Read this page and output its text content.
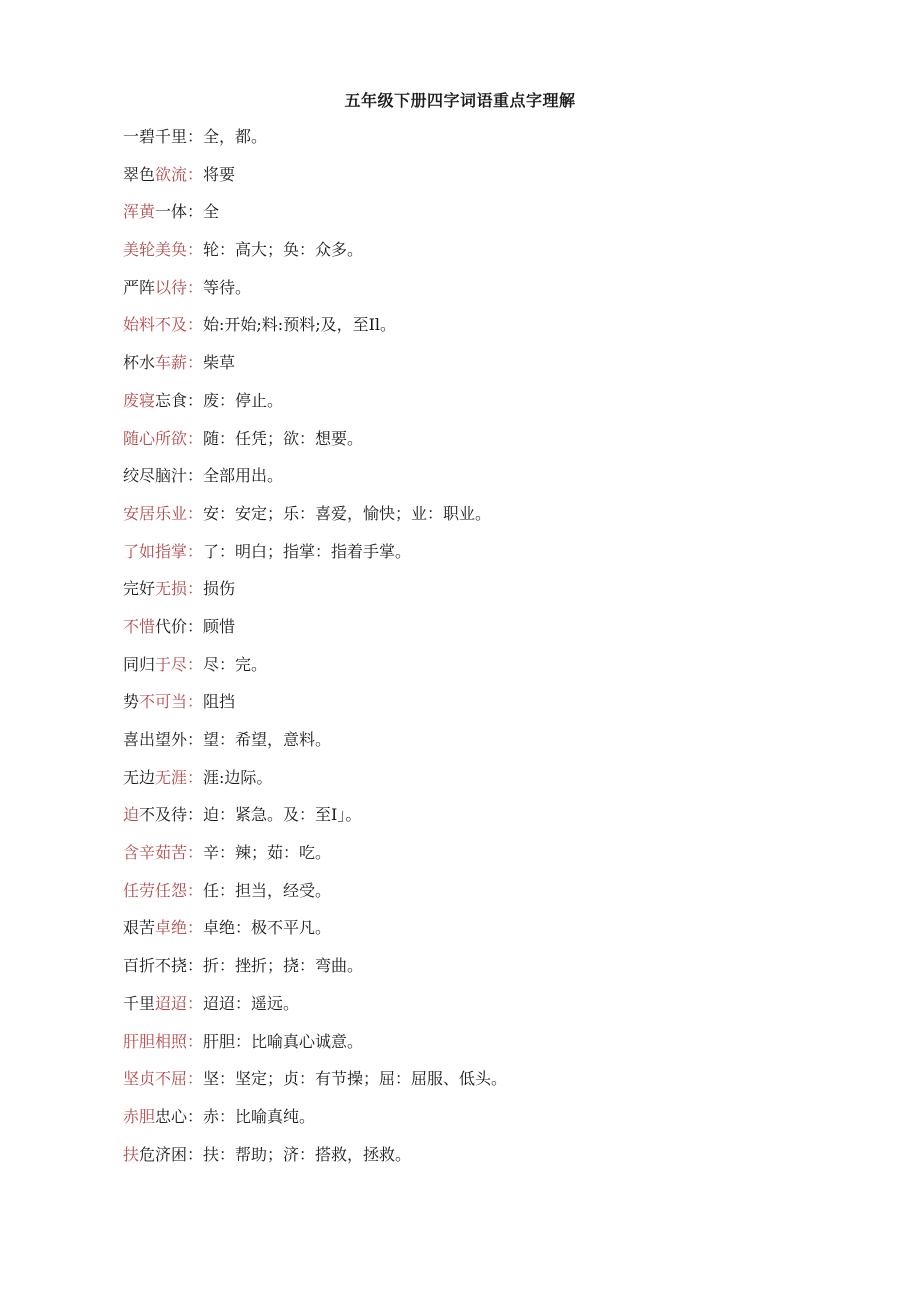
五年级下册四字词语重点字理解
一碧千里：全，都。
翠色欲流：将要
浑黄一体：全
美轮美奂：轮：高大；奂：众多。
严阵以待：等待。
始料不及：始:开始;料:预料;及，至Il。
杯水车薪：柴草
废寝忘食：废：停止。
随心所欲：随：任凭；欲：想要。
绞尽脑汁：全部用出。
安居乐业：安：安定；乐：喜爱，愉快；业：职业。
了如指掌：了：明白；指掌：指着手掌。
完好无损：损伤
不惜代价：顾惜
同归于尽：尽：完。
势不可当：阻挡
喜出望外：望：希望，意料。
无边无涯：涯:边际。
迫不及待：迫：紧急。及：至I」。
含辛茹苦：辛：辣；茹：吃。
任劳任怨：任：担当，经受。
艰苦卓绝：卓绝：极不平凡。
百折不挠：折：挫折；挠：弯曲。
千里迢迢：迢迢：遥远。
肝胆相照：肝胆：比喻真心诚意。
坚贞不屈：坚：坚定；贞：有节操；屈：屈服、低头。
赤胆忠心：赤：比喻真纯。
扶危济困：扶：帮助；济：搭救，拯救。
